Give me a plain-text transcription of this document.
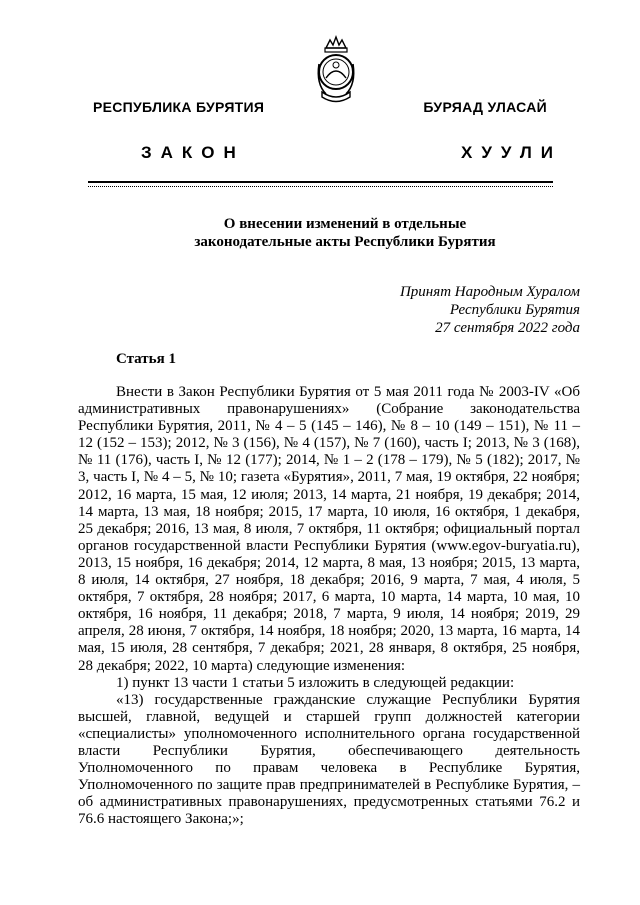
РЕСПУБЛИКА БУРЯТИЯ	БУРЯАД УЛАСАЙ
ЗАКОН	ХУУЛИ
О внесении изменений в отдельные
законодательные акты Республики Бурятия
Принят Народным Хуралом
Республики Бурятия
27 сентября 2022 года
Статья 1

Внести в Закон Республики Бурятия от 5 мая 2011 года № 2003-IV «Об административных правонарушениях» (Собрание законодательства Республики Бурятия, 2011, № 4 – 5 (145 – 146), № 8 – 10 (149 – 151), № 11 – 12 (152 – 153); 2012, № 3 (156), № 4 (157), № 7 (160), часть I; 2013, № 3 (168), № 11 (176), часть I, № 12 (177); 2014, № 1 – 2 (178 – 179), № 5 (182); 2017, № 3, часть I, № 4 – 5, № 10; газета «Бурятия», 2011, 7 мая, 19 октября, 22 ноября; 2012, 16 марта, 15 мая, 12 июля; 2013, 14 марта, 21 ноября, 19 декабря; 2014, 14 марта, 13 мая, 18 ноября; 2015, 17 марта, 10 июля, 16 октября, 1 декабря, 25 декабря; 2016, 13 мая, 8 июля, 7 октября, 11 октября; официальный портал органов государственной власти Республики Бурятия (www.egov-buryatia.ru), 2013, 15 ноября, 16 декабря; 2014, 12 марта, 8 мая, 13 ноября; 2015, 13 марта, 8 июля, 14 октября, 27 ноября, 18 декабря; 2016, 9 марта, 7 мая, 4 июля, 5 октября, 7 октября, 28 ноября; 2017, 6 марта, 10 марта, 14 марта, 10 мая, 10 октября, 16 ноября, 11 декабря; 2018, 7 марта, 9 июля, 14 ноября; 2019, 29 апреля, 28 июня, 7 октября, 14 ноября, 18 ноября; 2020, 13 марта, 16 марта, 14 мая, 15 июля, 28 сентября, 7 декабря; 2021, 28 января, 8 октября, 25 ноября, 28 декабря; 2022, 10 марта) следующие изменения:

1) пункт 13 части 1 статьи 5 изложить в следующей редакции:

«13) государственные гражданские служащие Республики Бурятия высшей, главной, ведущей и старшей групп должностей категории «специалисты» уполномоченного исполнительного органа государственной власти Республики Бурятия, обеспечивающего деятельность Уполномоченного по правам человека в Республике Бурятия, Уполномоченного по защите прав предпринимателей в Республике Бурятия, – об административных правонарушениях, предусмотренных статьями 76.2 и 76.6 настоящего Закона;»;
